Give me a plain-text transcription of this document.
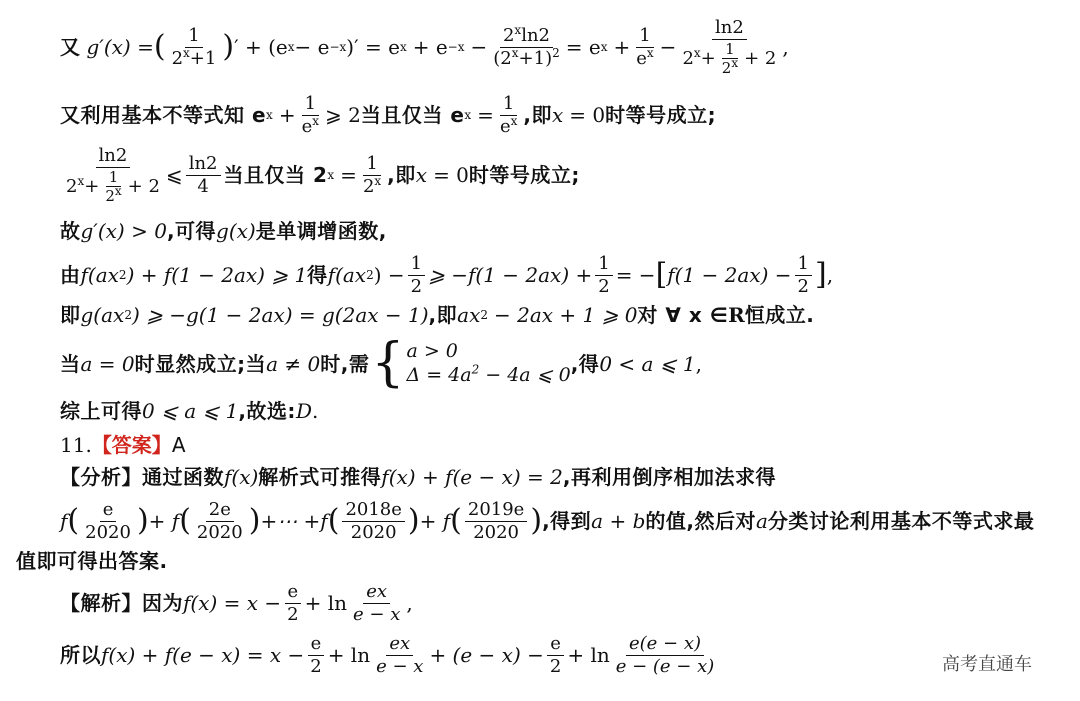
又 g′(x) = ( $\frac{1}{2^x+1}$ ) ′ + (e x − e −x )′ = e $x + e -x - \frac{2^x\ln 2}{(2^x+1)^2} = e$ $x + \frac{1}{e^x} - \frac{\ln 2}{2^x+ \frac{1}{2^x} + 2}$ ,
又利用基本不等式知 e $x + \frac{1}{e^x}$ ⩾ 2 当且仅当 e $x = \frac{1}{e^x}$ ,即 x = 0 时等号成立;
$\frac{\ln 2}{2^x+ \frac{1}{2^x} + 2}$ ⩽ $\frac{\ln 2}{4}$ 当且仅当 2 $x = \frac{1}{2^x}$ ,即 x = 0 时等号成立;
故 g′(x) > 0 ,可得 g(x) 是单调增函数,
由 f(ax 2 ) + f(1 − 2ax) ⩾ 1 得 f(ax 2 ) − $\frac{1}{2}$ ⩾ $-f(1 - 2ax) + \frac{1}{2}$ = − [ $f(1 - 2ax) - \frac{1}{2}$ ] ,
即 g(ax 2 ) ⩾ −g(1 − 2ax) = g(2ax − 1) ,即 ax 2 − 2ax + 1 ⩾ 0 对 ∀ x ∈ R 恒成立.
当 a = 0 时显然成立;当 a ≠ 0 时,需 { a > 0
$\Delta = 4a^2 - 4a$ ⩽ 0 ,得 0 < a ⩽ 1 ,
综上可得 0 ⩽ a ⩽ 1 ,故选: D .
11. 【答案】 A
【分析】通过函数 f(x) 解析式可推得 f(x) + f(e − x) = 2 ,再利用倒序相加法求得
f ( $\frac{e}{2020}$ ) + f ( $\frac{2e}{2020}$ ) +⋯ +f ( $\frac{2018e}{2020}$ ) + f ( $\frac{2019e}{2020}$ ) ,得到 a + b 的值,然后对 a 分类讨论利用基本不等式求最
值即可得出答案.
【解析】因为 $f(x) = x - \frac{e}{2} + \ln \frac{ex}{e - x}$ ,
所以 $f(x) + f(e - x) = x - \frac{e}{2} + \ln \frac{ex}{e - x} + (e - x) - \frac{e}{2} + \ln \frac{e(e - x)}{e - (e - x)}$	高考直通车
